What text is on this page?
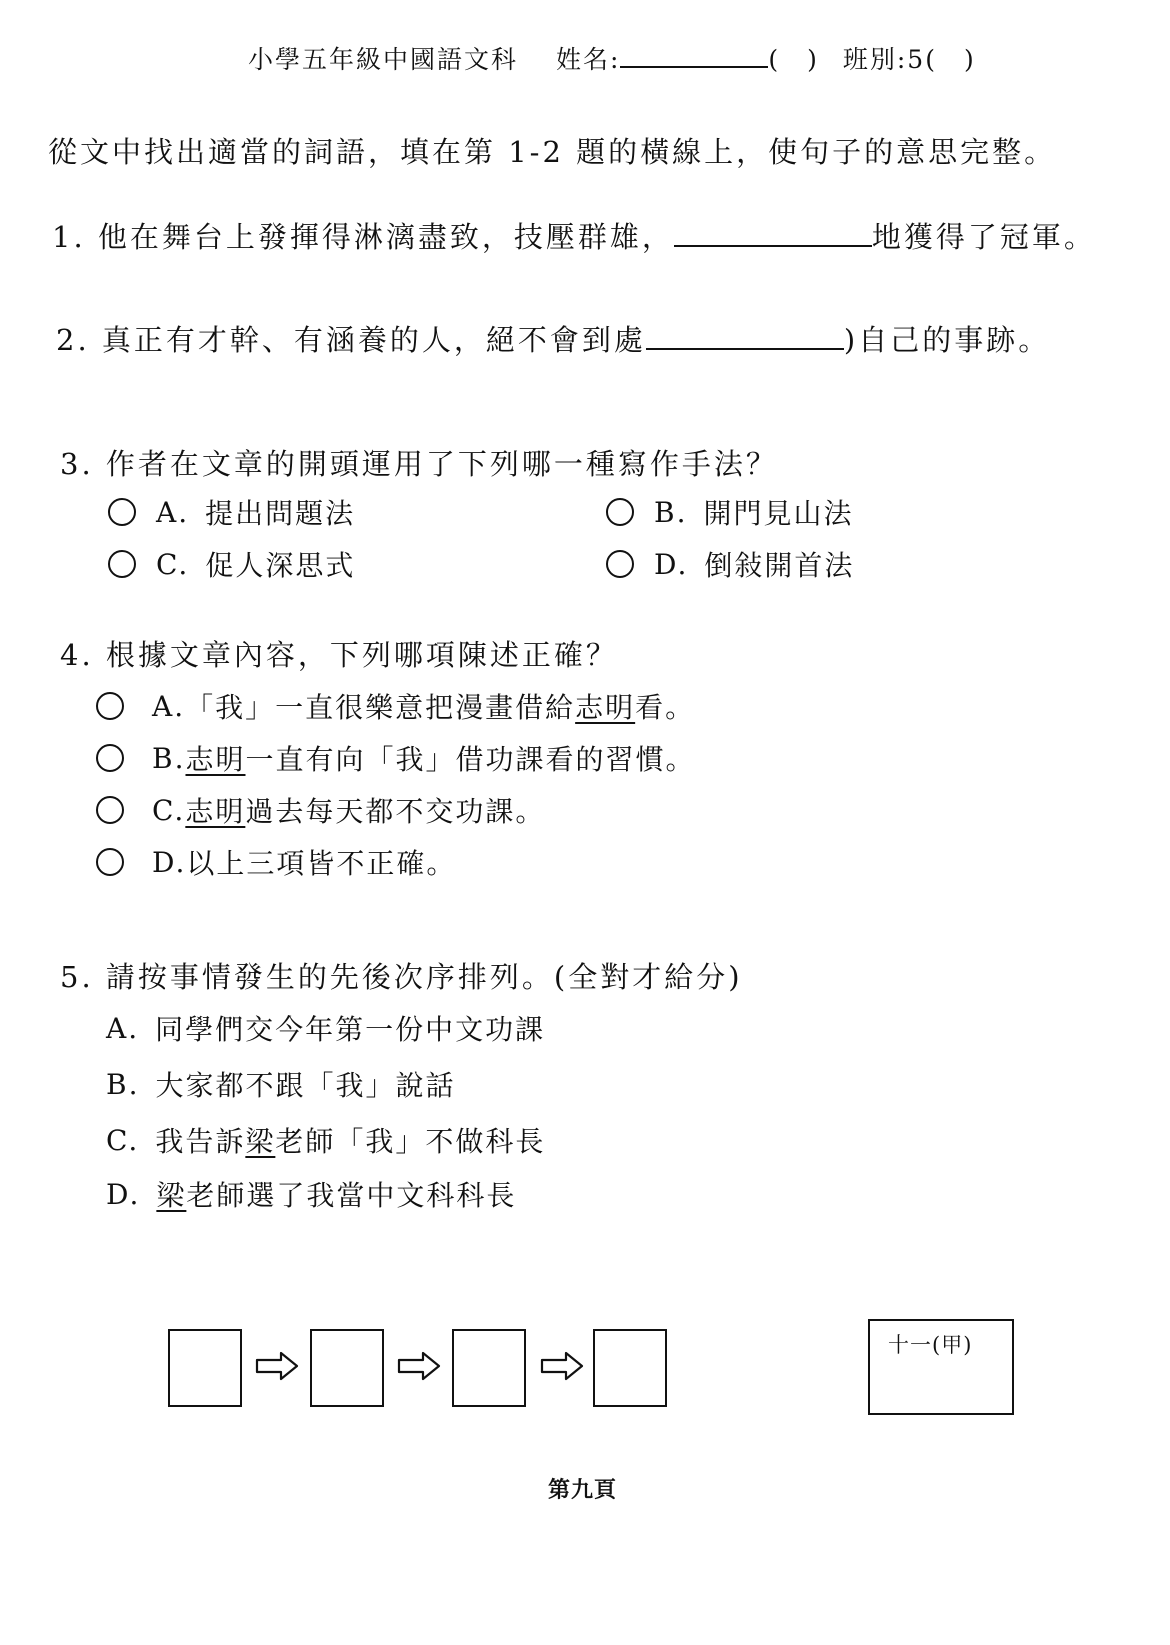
小學五年級中國語文科 姓名:	(　) 班別:5(　)
從文中找出適當的詞語，填在第 1-2 題的橫線上，使句子的意思完整。
1. 他在舞台上發揮得淋漓盡致，技壓群雄，	地獲得了冠軍。
2. 真正有才幹、有涵養的人，絕不會到處	)自己的事跡。
3. 作者在文章的開頭運用了下列哪一種寫作手法？
A. 提出問題法	B. 開門見山法
C. 促人深思式	D. 倒敍開首法
4. 根據文章內容，下列哪項陳述正確？
A. 「我」一直很樂意把漫畫借給 志明 看。
B. 志明 一直有向「我」借功課看的習慣。
C. 志明 過去每天都不交功課。
D. 以上三項皆不正確。
5. 請按事情發生的先後次序排列。(全對才給分)
A. 同學們交今年第一份中文功課
B. 大家都不跟「我」說話
C. 我告訴 梁 老師「我」不做科長
D. 梁 老師選了我當中文科科長
十一(甲)
第九頁
